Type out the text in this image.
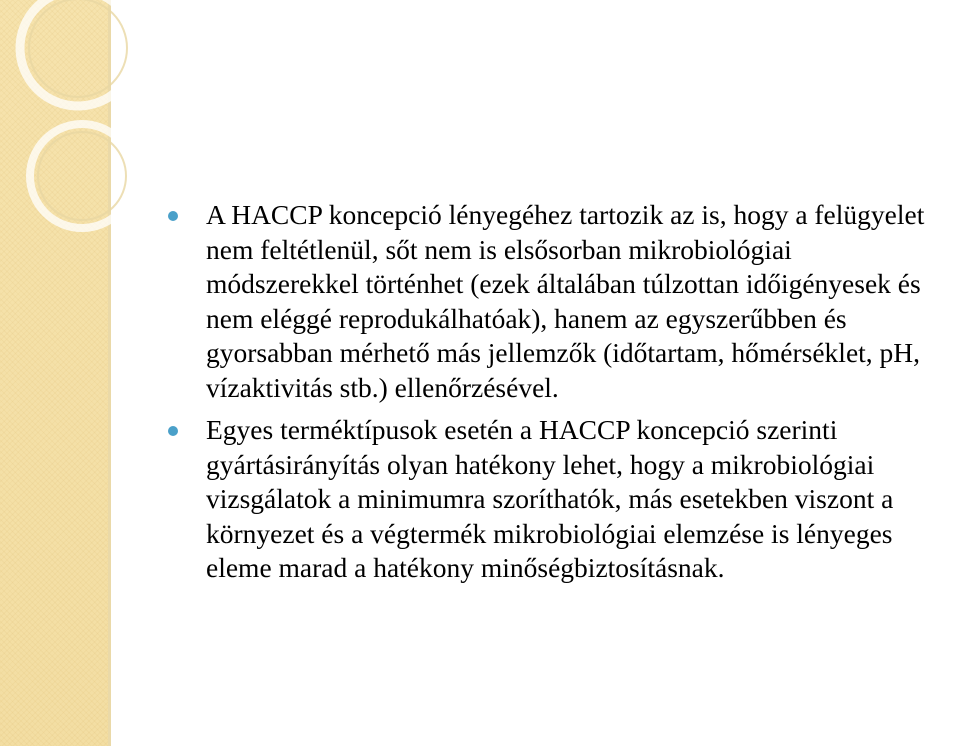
A HACCP koncepció lényegéhez tartozik az is, hogy a felügyelet nem feltétlenül, sőt nem is elsősorban mikrobiológiai módszerekkel történhet (ezek általában túlzottan időigényesek és nem eléggé reprodukálhatóak), hanem az egyszerűbben és gyorsabban mérhető más jellemzők (időtartam, hőmérséklet, pH, vízaktivitás stb.) ellenőrzésével.
Egyes terméktípusok esetén a HACCP koncepció szerinti gyártásirányítás olyan hatékony lehet, hogy a mikrobiológiai vizsgálatok a minimumra szoríthatók, más esetekben viszont a környezet és a végtermék mikrobiológiai elemzése is lényeges eleme marad a hatékony minőségbiztosításnak.
